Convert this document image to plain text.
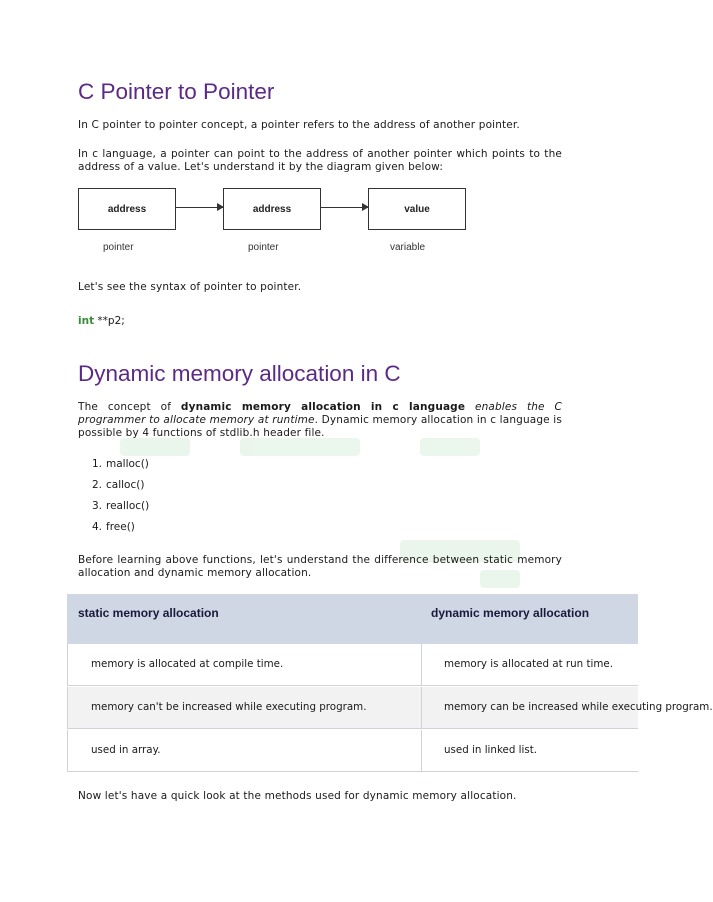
C Pointer to Pointer

In C pointer to pointer concept, a pointer refers to the address of another pointer.

In c language, a pointer can point to the address of another pointer which points to the address of a value. Let's understand it by the diagram given below:

address	address	value
pointer	pointer	variable

Let's see the syntax of pointer to pointer.

int **p2;
Dynamic memory allocation in C

The concept of dynamic memory allocation in c language enables the C programmer to allocate memory at runtime. Dynamic memory allocation in c language is possible by 4 functions of stdlib.h header file.

1. malloc()
2. calloc()
3. realloc()
4. free()

Before learning above functions, let's understand the difference between static memory allocation and dynamic memory allocation.

static memory allocation	dynamic memory allocation
memory is allocated at compile time.	memory is allocated at run time.
memory can't be increased while executing program.	memory can be increased while executing program.
used in array.	used in linked list.

Now let's have a quick look at the methods used for dynamic memory allocation.
